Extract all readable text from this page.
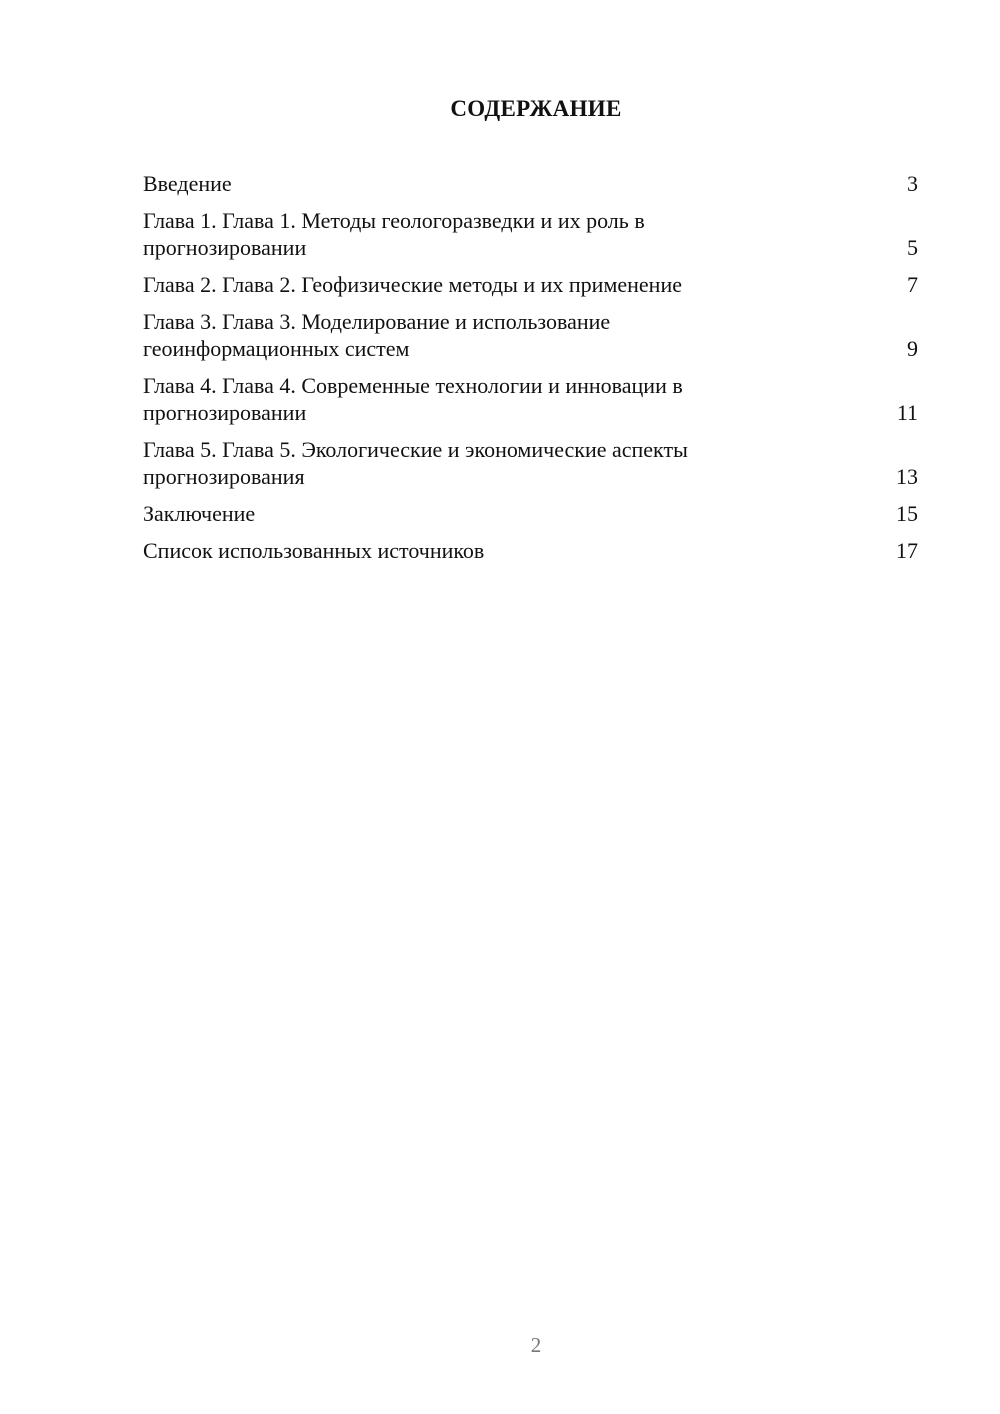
СОДЕРЖАНИЕ
Введение	3
Глава 1. Глава 1. Методы геологоразведки и их роль в прогнозировании	5
Глава 2. Глава 2. Геофизические методы и их применение	7
Глава 3. Глава 3. Моделирование и использование геоинформационных систем	9
Глава 4. Глава 4. Современные технологии и инновации в прогнозировании	11
Глава 5. Глава 5. Экологические и экономические аспекты прогнозирования	13
Заключение	15
Список использованных источников	17
2
